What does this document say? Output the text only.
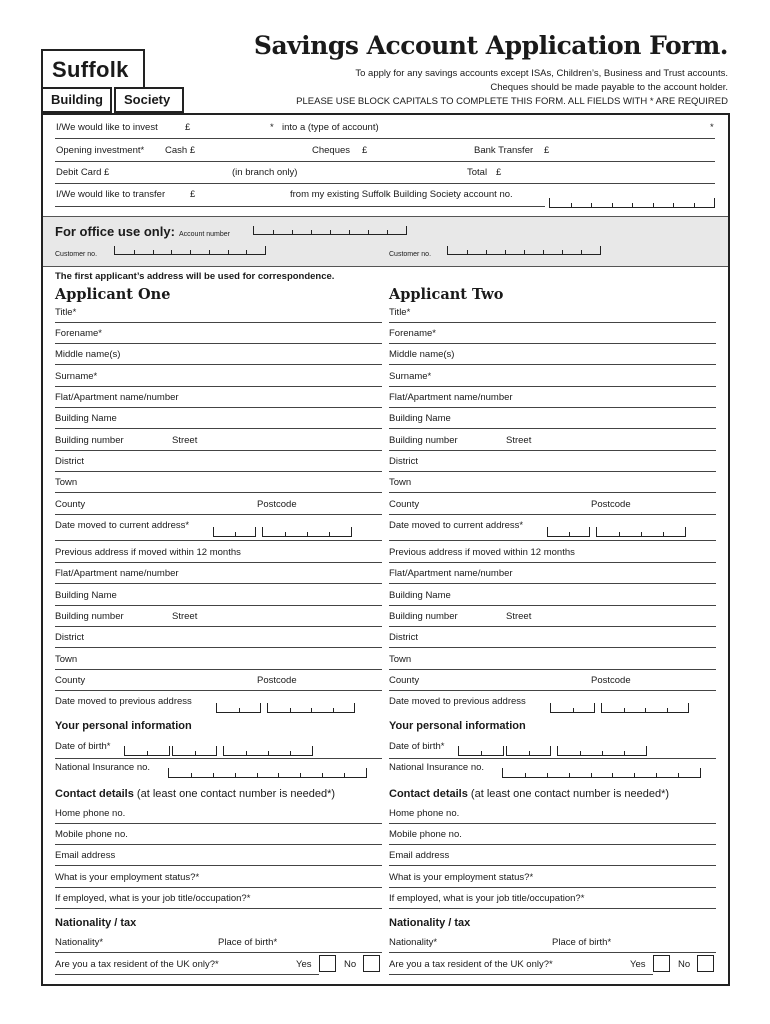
Suffolk
Building	Society
Savings Account Application Form.
To apply for any savings accounts except ISAs, Children’s, Business and Trust accounts.
Cheques should be made payable to the account holder.
PLEASE USE BLOCK CAPITALS TO COMPLETE THIS FORM. ALL FIELDS WITH * ARE REQUIRED
I/We would like to invest	£	* into a (type of account)	*
Opening investment* Cash £	Cheques £	Bank Transfer £
Debit Card £	(in branch only)	Total £
I/We would like to transfer	£	from my existing Suffolk Building Society account no.
For office use only: Account number
Customer no.	Customer no.
The first applicant’s address will be used for correspondence.
Applicant One
Title*
Forename*
Middle name(s)
Surname*
Flat/Apartment name/number
Building Name
Building number	Street
District
Town
County	Postcode
Date moved to current address*
Previous address if moved within 12 months
Flat/Apartment name/number
Building Name
Building number	Street
District
Town
County	Postcode
Date moved to previous address
Your personal information
Date of birth*
National Insurance no.
Contact details (at least one contact number is needed*)
Home phone no.
Mobile phone no.
Email address
What is your employment status?*
If employed, what is your job title/occupation?*
Nationality / tax
Nationality*	Place of birth*
Are you a tax resident of the UK only?*	Yes	No
Applicant Two
Title*
Forename*
Middle name(s)
Surname*
Flat/Apartment name/number
Building Name
Building number	Street
District
Town
County	Postcode
Date moved to current address*
Previous address if moved within 12 months
Flat/Apartment name/number
Building Name
Building number	Street
District
Town
County	Postcode
Date moved to previous address
Your personal information
Date of birth*
National Insurance no.
Contact details (at least one contact number is needed*)
Home phone no.
Mobile phone no.
Email address
What is your employment status?*
If employed, what is your job title/occupation?*
Nationality / tax
Nationality*	Place of birth*
Are you a tax resident of the UK only?*	Yes	No
